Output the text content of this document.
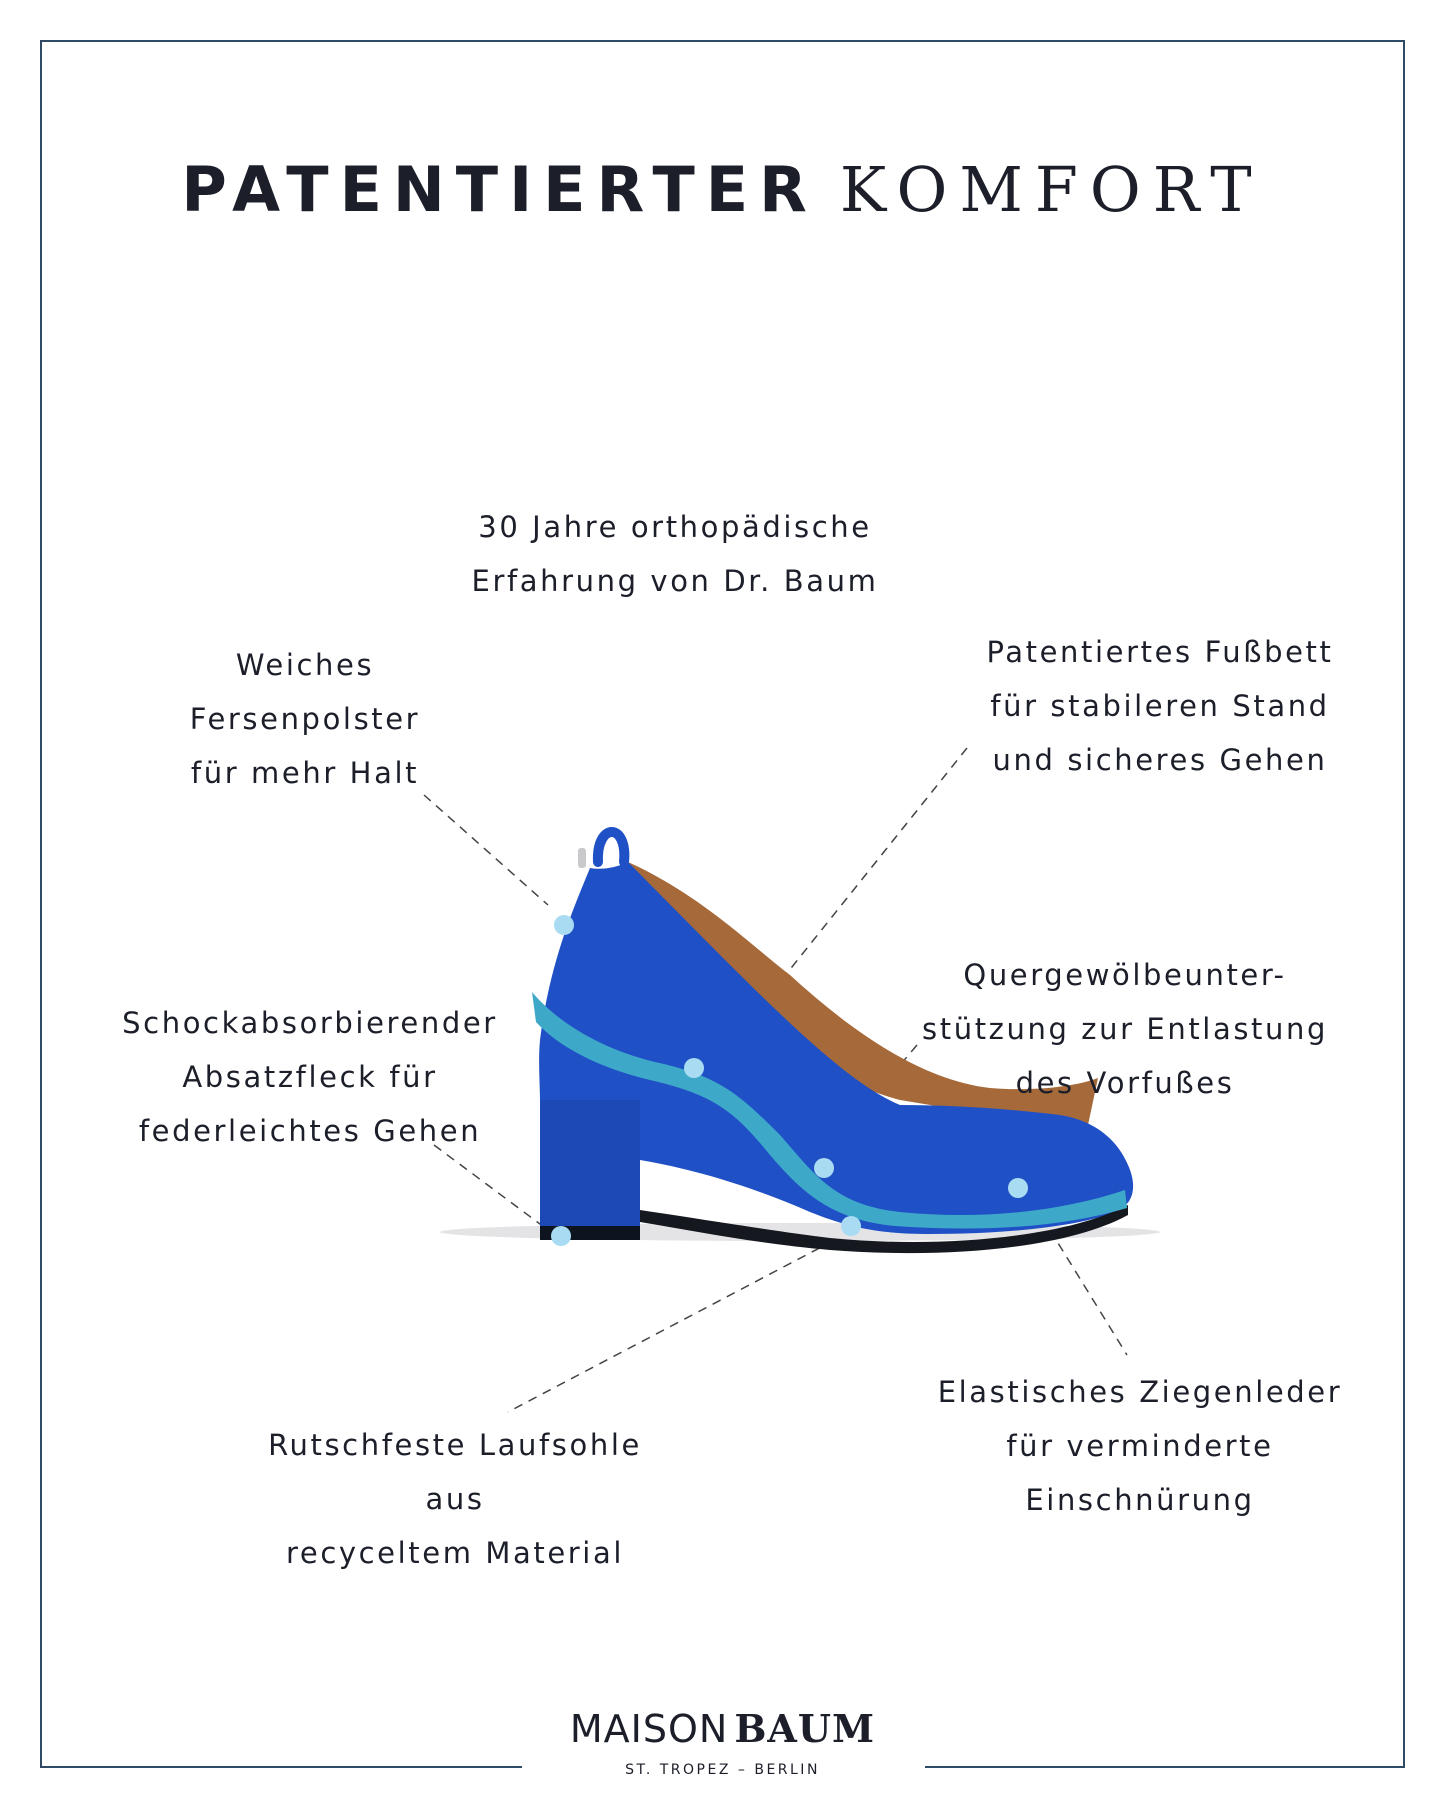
PATENTIERTER KOMFORT
30 Jahre orthopädische
Erfahrung von Dr. Baum
Weiches
Fersenpolster
für mehr Halt
Patentiertes Fußbett
für stabileren Stand
und sicheres Gehen
Schockabsorbierender
Absatzfleck für
federleichtes Gehen
Quergewölbeunter-
stützung zur Entlastung
des Vorfußes
Elastisches Ziegenleder
für verminderte
Einschnürung
Rutschfeste Laufsohle
aus
recyceltem Material
MAISON BAUM
ST. TROPEZ – BERLIN
